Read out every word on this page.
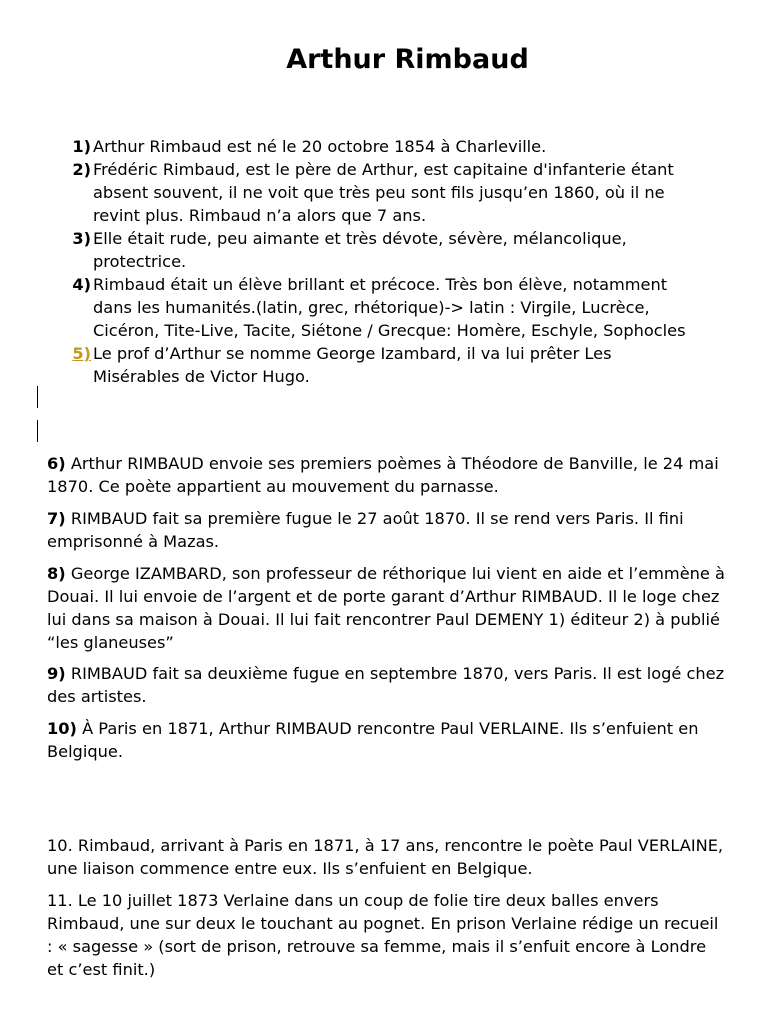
Arthur Rimbaud
1) Arthur Rimbaud est né le 20 octobre 1854 à Charleville.
2) Frédéric Rimbaud, est le père de Arthur, est capitaine d'infanterie étant absent souvent, il ne voit que très peu sont fils jusqu’en 1860, où il ne revint plus. Rimbaud n’a alors que 7 ans.
3) Elle était rude, peu aimante et très dévote, sévère, mélancolique, protectrice.
4) Rimbaud était un élève brillant et précoce. Très bon élève, notamment dans les humanités.(latin, grec, rhétorique)-> latin : Virgile, Lucrèce, Cicéron, Tite-Live, Tacite, Siétone / Grecque: Homère, Eschyle, Sophocles
5) Le prof d’Arthur se nomme George Izambard, il va lui prêter Les Misérables de Victor Hugo.

6) Arthur RIMBAUD envoie ses premiers poèmes à Théodore de Banville, le 24 mai 1870. Ce poète appartient au mouvement du parnasse.

7) RIMBAUD fait sa première fugue le 27 août 1870. Il se rend vers Paris. Il fini emprisonné à Mazas.

8) George IZAMBARD, son professeur de réthorique lui vient en aide et l’emmène à Douai. Il lui envoie de l’argent et de porte garant d’Arthur RIMBAUD. Il le loge chez lui dans sa maison à Douai. Il lui fait rencontrer Paul DEMENY 1) éditeur 2) à publié “les glaneuses”

9) RIMBAUD fait sa deuxième fugue en septembre 1870, vers Paris. Il est logé chez des artistes.

10) À Paris en 1871, Arthur RIMBAUD rencontre Paul VERLAINE. Ils s’enfuient en Belgique.

10. Rimbaud, arrivant à Paris en 1871, à 17 ans, rencontre le poète Paul VERLAINE, une liaison commence entre eux. Ils s’enfuient en Belgique.

11. Le 10 juillet 1873 Verlaine dans un coup de folie tire deux balles envers Rimbaud, une sur deux le touchant au pognet. En prison Verlaine rédige un recueil : « sagesse » (sort de prison, retrouve sa femme, mais il s’enfuit encore à Londre et c’est finit.)
